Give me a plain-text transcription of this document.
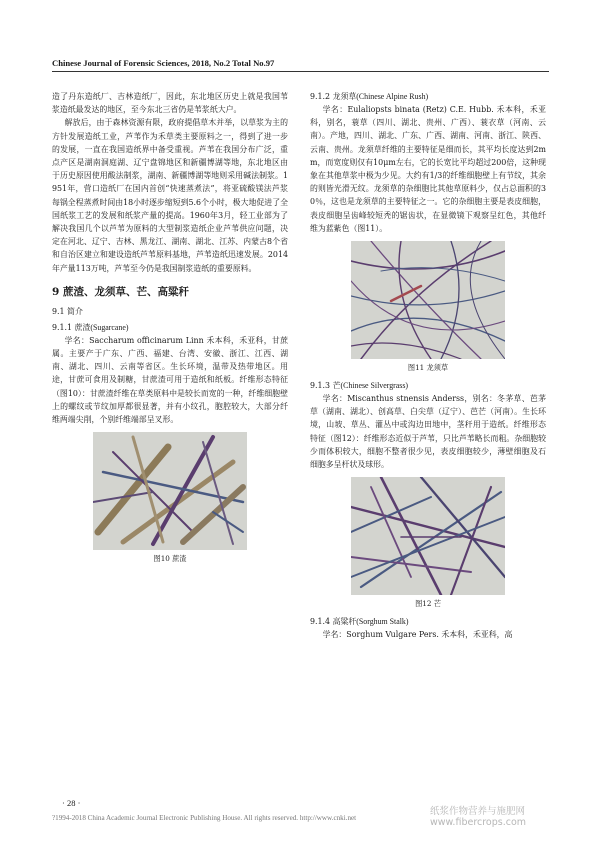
Chinese Journal of Forensic Sciences, 2018, No.2 Total No.97

造了丹东造纸厂、吉林造纸厂，因此，东北地区历史上就是我国苇浆造纸最发达的地区，至今东北三省仍是苇浆纸大户。

解放后，由于森林资源有限，政府提倡草木并举，以草浆为主的方针发展造纸工业，芦苇作为禾草类主要原料之一，得到了进一步的发展，一直在我国造纸界中备受重视。芦苇在我国分布广泛，重点产区是湖南洞庭湖、辽宁盘锦地区和新疆博湖等地，东北地区由于历史原因使用酸法制浆，湖南、新疆博湖等地则采用碱法制浆。1951年，营口造纸厂在国内首创“快速蒸煮法”，将亚硫酸镁法芦浆每锅全程蒸煮时间由18小时逐步缩短到5.6个小时，极大地促进了全国纸浆工艺的发展和纸浆产量的提高。1960年3月，轻工业部为了解决我国几个以芦苇为原料的大型制浆造纸企业芦苇供应问题，决定在河北、辽宁、吉林、黑龙江、湖南、湖北、江苏、内蒙古8个省和自治区建立和建设造纸芦苇原料基地，芦苇造纸迅速发展。2014年产量113万吨，芦苇至今仍是我国制浆造纸的重要原料。

9 蔗渣、龙须草、芒、高粱秆
9.1 简介
9.1.1 蔗渣(Sugarcane)

学名：Saccharum officinarum Linn 禾本科，禾亚科，甘蔗属。主要产于广东、广西、福建、台湾、安徽、浙江、江西、湖南、湖北、四川、云南等省区。生长环境，温带及热带地区。用途，甘蔗可食用及制糖，甘蔗渣可用于造纸和纸板。纤维形态特征（图10）：甘蔗渣纤维在草类原料中是较长而宽的一种，纤维细胞壁上的螺纹或节纹加厚都很显著，并有小纹孔，胞腔较大，大部分纤维两端尖削，个别纤维端部呈叉形。

图10 蔗渣
9.1.2 龙须草(Chinese Alpine Rush)

学名：Eulaliopsts binata (Retz) C.E. Hubb. 禾本科，禾亚科，别名，蓑草（四川、湖北、贵州、广西）、蓑衣草（河南、云南）。产地，四川、湖北、广东、广西、湖南、河南、浙江、陕西、云南、贵州。龙须草纤维的主要特征是细而长，其平均长度达到2mm，而宽度则仅有10μm左右，它的长宽比平均超过200倍，这种现象在其他草浆中极为少见。大约有1/3的纤维细胞壁上有节纹，其余的则皆光滑无纹。龙须草的杂细胞比其他草原料少，仅占总面积的30％，这也是龙须草的主要特征之一。它的杂细胞主要是表皮细胞，表皮细胞呈齿峰较短秃的锯齿状，在显微镜下观察呈红色，其他纤维为蓝紫色（图11）。

图11 龙须草
9.1.3 芒(Chinese Silvergrass)

学名：Miscanthus stnensis Anderss，别名：冬茅草、芭茅草（湖南、湖北）、创高草、白尖草（辽宁）、芭芒（河南）。生长环境，山坡、草丛、灌丛中或沟边田地中，茎秆用于造纸。纤维形态特征（图12）：纤维形态近似于芦苇，只比芦苇略长而粗。杂细胞较少而体积较大，细胞不整者很少见，表皮细胞较少，薄壁细胞及石细胞多呈杆状及球形。

图12 芒
9.1.4 高粱秆(Sorghum Stalk)

学名：Sorghum Vulgare Pers. 禾本科，禾亚科，高

· 28 ·
?1994-2018 China Academic Journal Electronic Publishing House. All rights reserved. http://www.cnki.net
纸浆作物营养与施肥网
www.fibercrops.com
